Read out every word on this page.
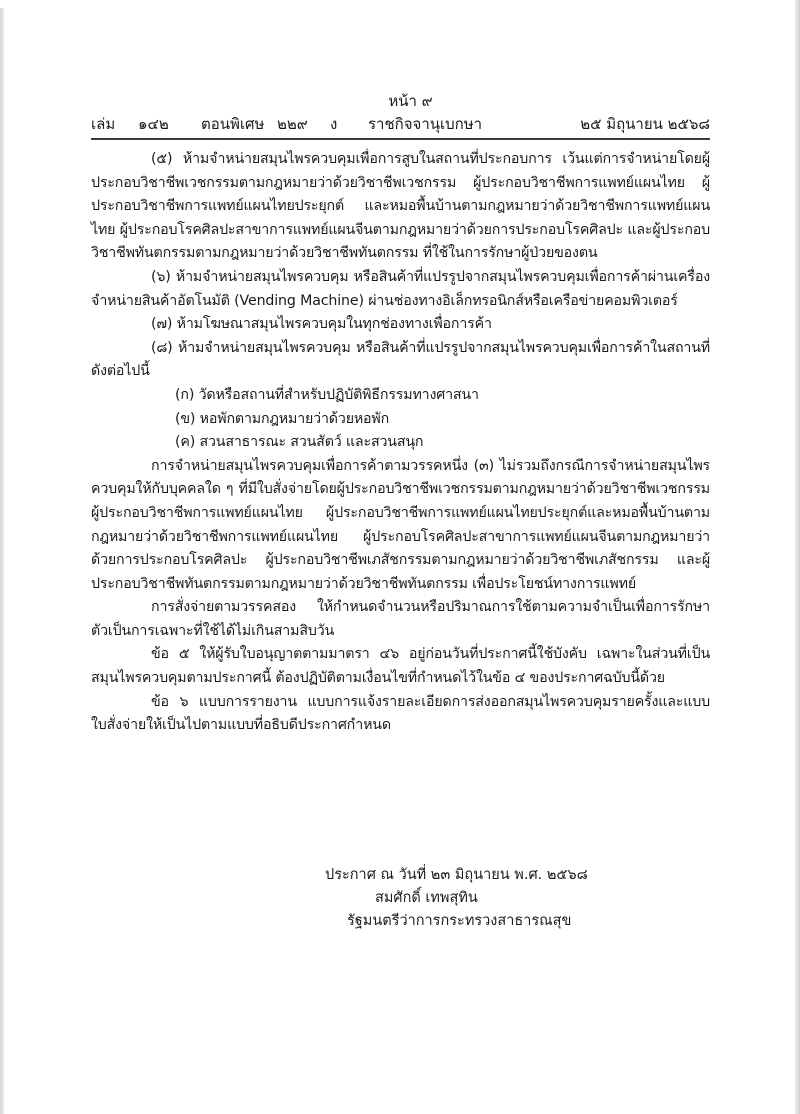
หน้า ๙
เล่ม ๑๔๒ ตอนพิเศษ ๒๒๙ ง ราชกิจจานุเบกษา	๒๕ มิถุนายน ๒๕๖๘

(๕) ห้ามจำหน่ายสมุนไพรควบคุมเพื่อการสูบในสถานที่ประกอบการ เว้นแต่การจำหน่ายโดยผู้ประกอบวิชาชีพเวชกรรมตามกฎหมายว่าด้วยวิชาชีพเวชกรรม ผู้ประกอบวิชาชีพการแพทย์แผนไทย ผู้ประกอบวิชาชีพการแพทย์แผนไทยประยุกต์ และหมอพื้นบ้านตามกฎหมายว่าด้วยวิชาชีพการแพทย์แผนไทย ผู้ประกอบโรคศิลปะสาขาการแพทย์แผนจีนตามกฎหมายว่าด้วยการประกอบโรคศิลปะ และผู้ประกอบวิชาชีพทันตกรรมตามกฎหมายว่าด้วยวิชาชีพทันตกรรม ที่ใช้ในการรักษาผู้ป่วยของตน

(๖) ห้ามจำหน่ายสมุนไพรควบคุม หรือสินค้าที่แปรรูปจากสมุนไพรควบคุมเพื่อการค้าผ่านเครื่องจำหน่ายสินค้าอัตโนมัติ (Vending Machine) ผ่านช่องทางอิเล็กทรอนิกส์หรือเครือข่ายคอมพิวเตอร์

(๗) ห้ามโฆษณาสมุนไพรควบคุมในทุกช่องทางเพื่อการค้า

(๘) ห้ามจำหน่ายสมุนไพรควบคุม หรือสินค้าที่แปรรูปจากสมุนไพรควบคุมเพื่อการค้าในสถานที่ ดังต่อไปนี้

(ก) วัดหรือสถานที่สำหรับปฏิบัติพิธีกรรมทางศาสนา

(ข) หอพักตามกฎหมายว่าด้วยหอพัก

(ค) สวนสาธารณะ สวนสัตว์ และสวนสนุก

การจำหน่ายสมุนไพรควบคุมเพื่อการค้าตามวรรคหนึ่ง (๓) ไม่รวมถึงกรณีการจำหน่ายสมุนไพรควบคุมให้กับบุคคลใด ๆ ที่มีใบสั่งจ่ายโดยผู้ประกอบวิชาชีพเวชกรรมตามกฎหมายว่าด้วยวิชาชีพเวชกรรม ผู้ประกอบวิชาชีพการแพทย์แผนไทย ผู้ประกอบวิชาชีพการแพทย์แผนไทยประยุกต์และหมอพื้นบ้านตามกฎหมายว่าด้วยวิชาชีพการแพทย์แผนไทย ผู้ประกอบโรคศิลปะสาขาการแพทย์แผนจีนตามกฎหมายว่าด้วยการประกอบโรคศิลปะ ผู้ประกอบวิชาชีพเภสัชกรรมตามกฎหมายว่าด้วยวิชาชีพเภสัชกรรม และผู้ประกอบวิชาชีพทันตกรรมตามกฎหมายว่าด้วยวิชาชีพทันตกรรม เพื่อประโยชน์ทางการแพทย์

การสั่งจ่ายตามวรรคสอง ให้กำหนดจำนวนหรือปริมาณการใช้ตามความจำเป็นเพื่อการรักษาตัวเป็นการเฉพาะที่ใช้ได้ไม่เกินสามสิบวัน

ข้อ ๕ ให้ผู้รับใบอนุญาตตามมาตรา ๔๖ อยู่ก่อนวันที่ประกาศนี้ใช้บังคับ เฉพาะในส่วนที่เป็นสมุนไพรควบคุมตามประกาศนี้ ต้องปฏิบัติตามเงื่อนไขที่กำหนดไว้ในข้อ ๔ ของประกาศฉบับนี้ด้วย

ข้อ ๖ แบบการรายงาน แบบการแจ้งรายละเอียดการส่งออกสมุนไพรควบคุมรายครั้งและแบบใบสั่งจ่ายให้เป็นไปตามแบบที่อธิบดีประกาศกำหนด

ประกาศ ณ วันที่ ๒๓ มิถุนายน พ.ศ. ๒๕๖๘
สมศักดิ์ เทพสุทิน
รัฐมนตรีว่าการกระทรวงสาธารณสุข
